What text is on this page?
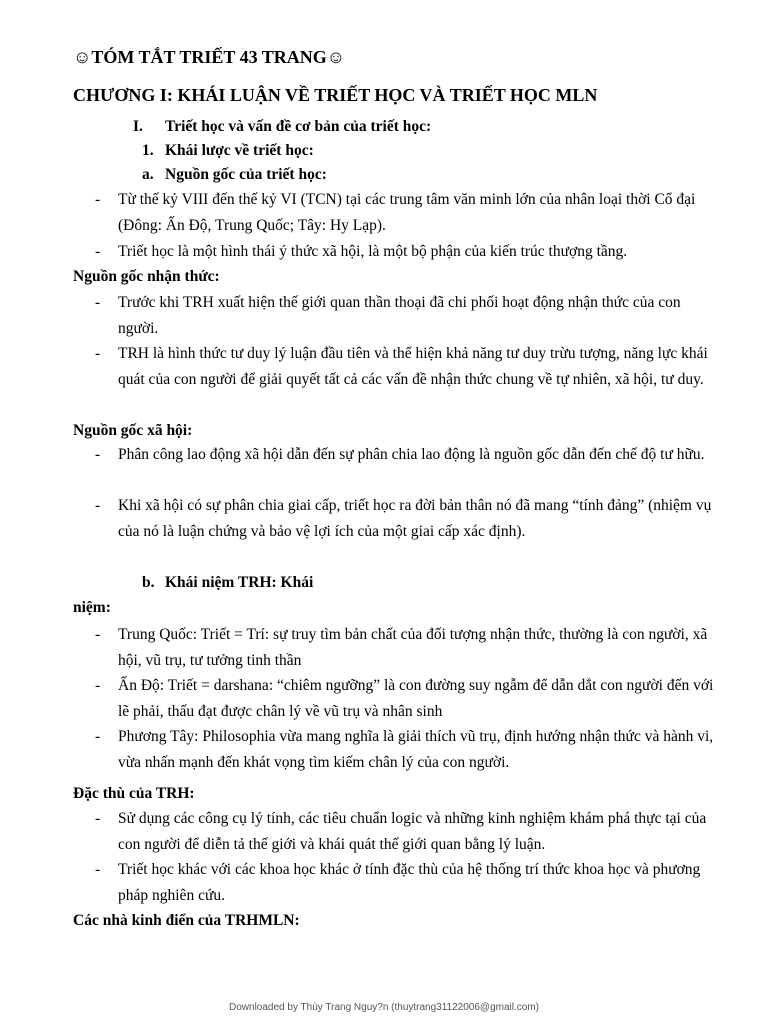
☺TÓM TẮT TRIẾT 43 TRANG☺
CHƯƠNG I: KHÁI LUẬN VỀ TRIẾT HỌC VÀ TRIẾT HỌC MLN
I. Triết học và vấn đề cơ bản của triết học:
1. Khái lược về triết học:
a. Nguồn gốc của triết học:
- Từ thế kỷ VIII đến thế kỷ VI (TCN) tại các trung tâm văn minh lớn của nhân loại thời Cổ đại (Đông: Ấn Độ, Trung Quốc; Tây: Hy Lạp).
- Triết học là một hình thái ý thức xã hội, là một bộ phận của kiến trúc thượng tầng.
Nguồn gốc nhận thức:
- Trước khi TRH xuất hiện thế giới quan thần thoại đã chi phối hoạt động nhận thức của con người.
- TRH là hình thức tư duy lý luận đầu tiên và thể hiện khả năng tư duy trừu tượng, năng lực khái quát của con người để giải quyết tất cả các vấn đề nhận thức chung về tự nhiên, xã hội, tư duy.
Nguồn gốc xã hội:
- Phân công lao động xã hội dẫn đến sự phân chia lao động là nguồn gốc dẫn đến chế độ tư hữu.
- Khi xã hội có sự phân chia giai cấp, triết học ra đời bản thân nó đã mang “tính đảng” (nhiệm vụ của nó là luận chứng và bảo vệ lợi ích của một giai cấp xác định).
b. Khái niệm TRH: Khái
niệm:
- Trung Quốc: Triết = Trí: sự truy tìm bản chất của đối tượng nhận thức, thường là con người, xã hội, vũ trụ, tư tưởng tinh thần
- Ấn Độ: Triết = darshana: “chiêm ngưỡng” là con đường suy ngẫm để dẫn dắt con người đến với lẽ phải, thấu đạt được chân lý về vũ trụ và nhân sinh
- Phương Tây: Philosophia vừa mang nghĩa là giải thích vũ trụ, định hướng nhận thức và hành vi, vừa nhấn mạnh đến khát vọng tìm kiếm chân lý của con người.
Đặc thù của TRH:
- Sử dụng các công cụ lý tính, các tiêu chuẩn logic và những kinh nghiệm khám phá thực tại của con người để diễn tả thế giới và khái quát thế giới quan bằng lý luận.
- Triết học khác với các khoa học khác ở tính đặc thù của hệ thống trí thức khoa học và phương pháp nghiên cứu.
Các nhà kinh điển của TRHMLN:
Downloaded by Thùy Trang Nguy?n (thuytrang31122006@gmail.com)
